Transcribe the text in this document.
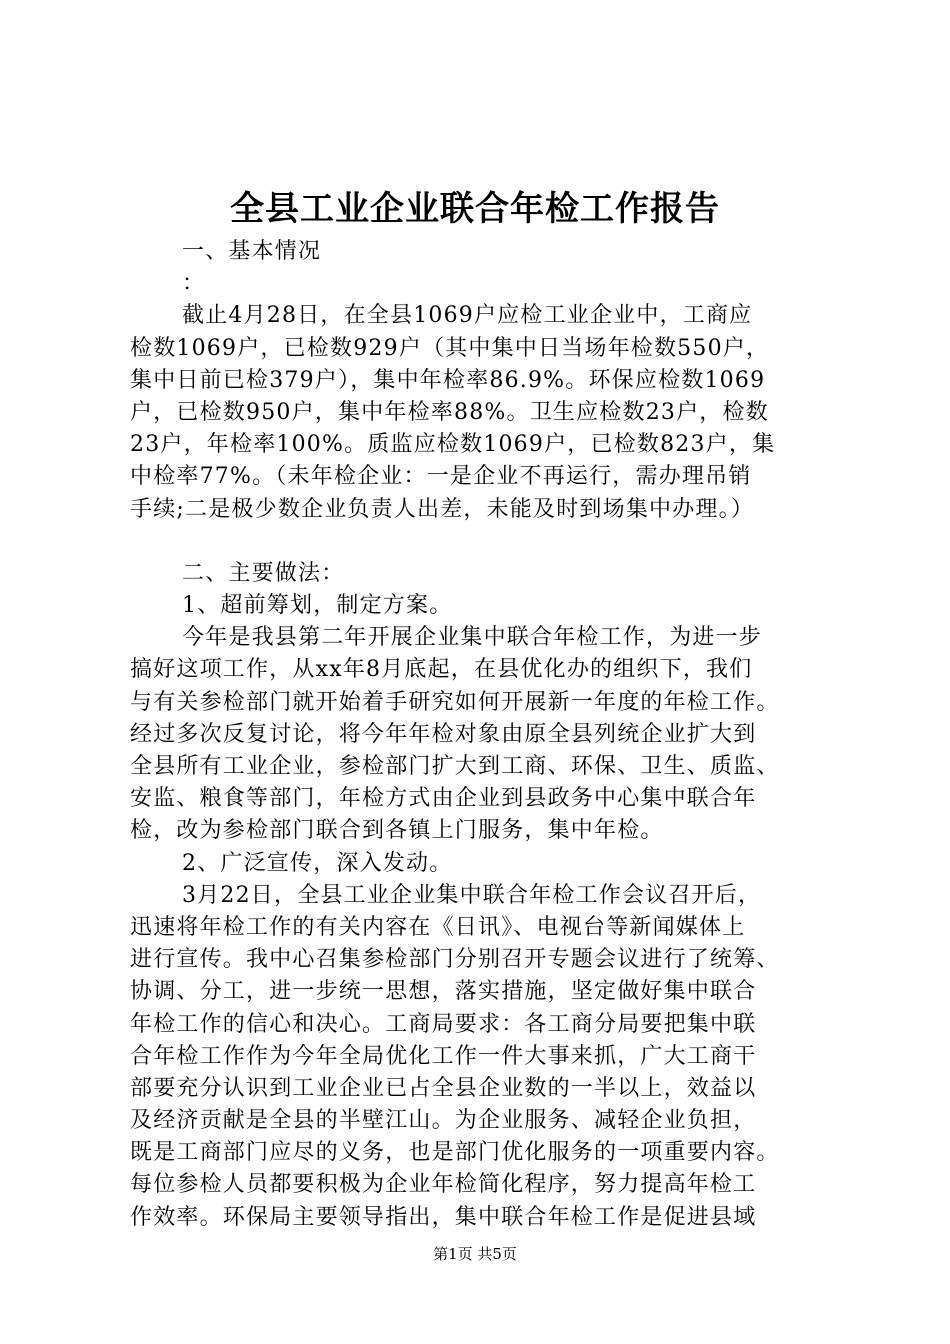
全县工业企业联合年检工作报告
一、基本情况
：
截止4月28日，在全县1069户应检工业企业中，工商应
检数1069户，已检数929户（其中集中日当场年检数550户，
集中日前已检379户），集中年检率86.9%。环保应检数1069
户，已检数950户，集中年检率88%。卫生应检数23户，检数
23户，年检率100%。质监应检数1069户，已检数823户，集
中检率77%。（未年检企业：一是企业不再运行，需办理吊销
手续;二是极少数企业负责人出差，未能及时到场集中办理。）
二、主要做法：
1、超前筹划，制定方案。
今年是我县第二年开展企业集中联合年检工作，为进一步
搞好这项工作，从xx年8月底起，在县优化办的组织下，我们
与有关参检部门就开始着手研究如何开展新一年度的年检工作。
经过多次反复讨论，将今年年检对象由原全县列统企业扩大到
全县所有工业企业，参检部门扩大到工商、环保、卫生、质监、
安监、粮食等部门，年检方式由企业到县政务中心集中联合年
检，改为参检部门联合到各镇上门服务，集中年检。
2、广泛宣传，深入发动。
3月22日，全县工业企业集中联合年检工作会议召开后，
迅速将年检工作的有关内容在《日讯》、电视台等新闻媒体上
进行宣传。我中心召集参检部门分别召开专题会议进行了统筹、
协调、分工，进一步统一思想，落实措施，坚定做好集中联合
年检工作的信心和决心。工商局要求：各工商分局要把集中联
合年检工作作为今年全局优化工作一件大事来抓，广大工商干
部要充分认识到工业企业已占全县企业数的一半以上，效益以
及经济贡献是全县的半壁江山。为企业服务、减轻企业负担，
既是工商部门应尽的义务，也是部门优化服务的一项重要内容。
每位参检人员都要积极为企业年检简化程序，努力提高年检工
作效率。环保局主要领导指出，集中联合年检工作是促进县域
第1页 共5页
